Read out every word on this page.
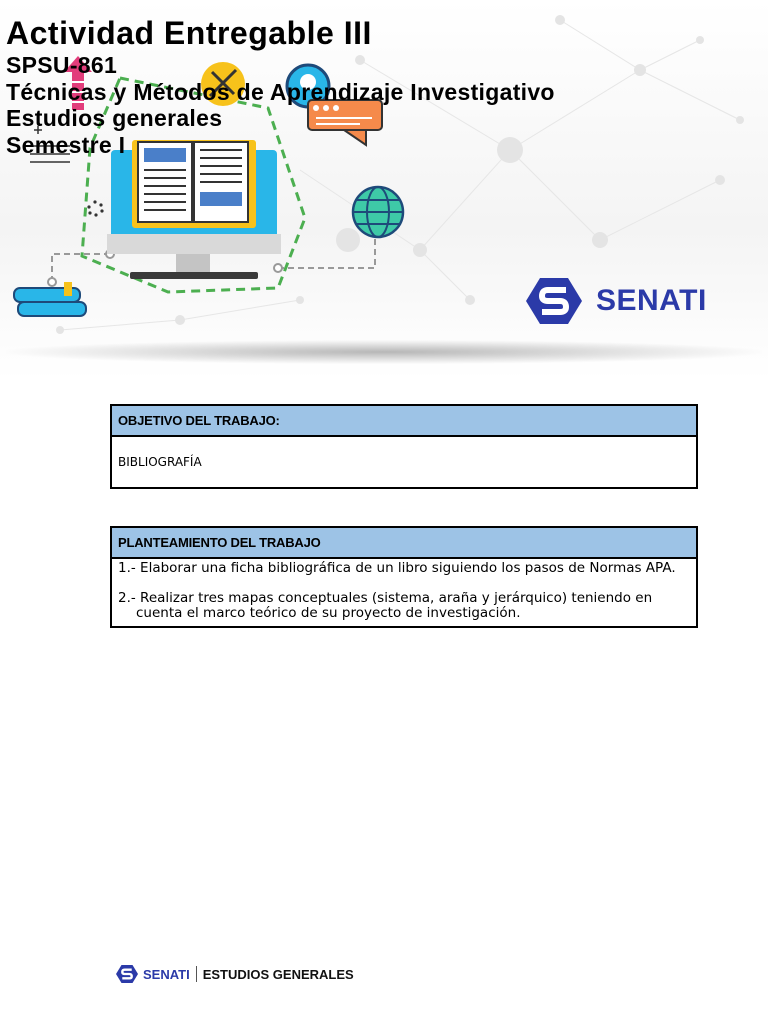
Actividad Entregable III
SPSU-861
Técnicas y Métodos de Aprendizaje Investigativo
Estudios generales
Semestre I
SENATI
OBJETIVO DEL TRABAJO:
BIBLIOGRAFÍA
PLANTEAMIENTO DEL TRABAJO
1.- Elaborar una ficha bibliográfica de un libro siguiendo los pasos de Normas APA.
2.- Realizar tres mapas conceptuales (sistema, araña y jerárquico) teniendo en
cuenta el marco teórico de su proyecto de investigación.
SENATI ESTUDIOS GENERALES
